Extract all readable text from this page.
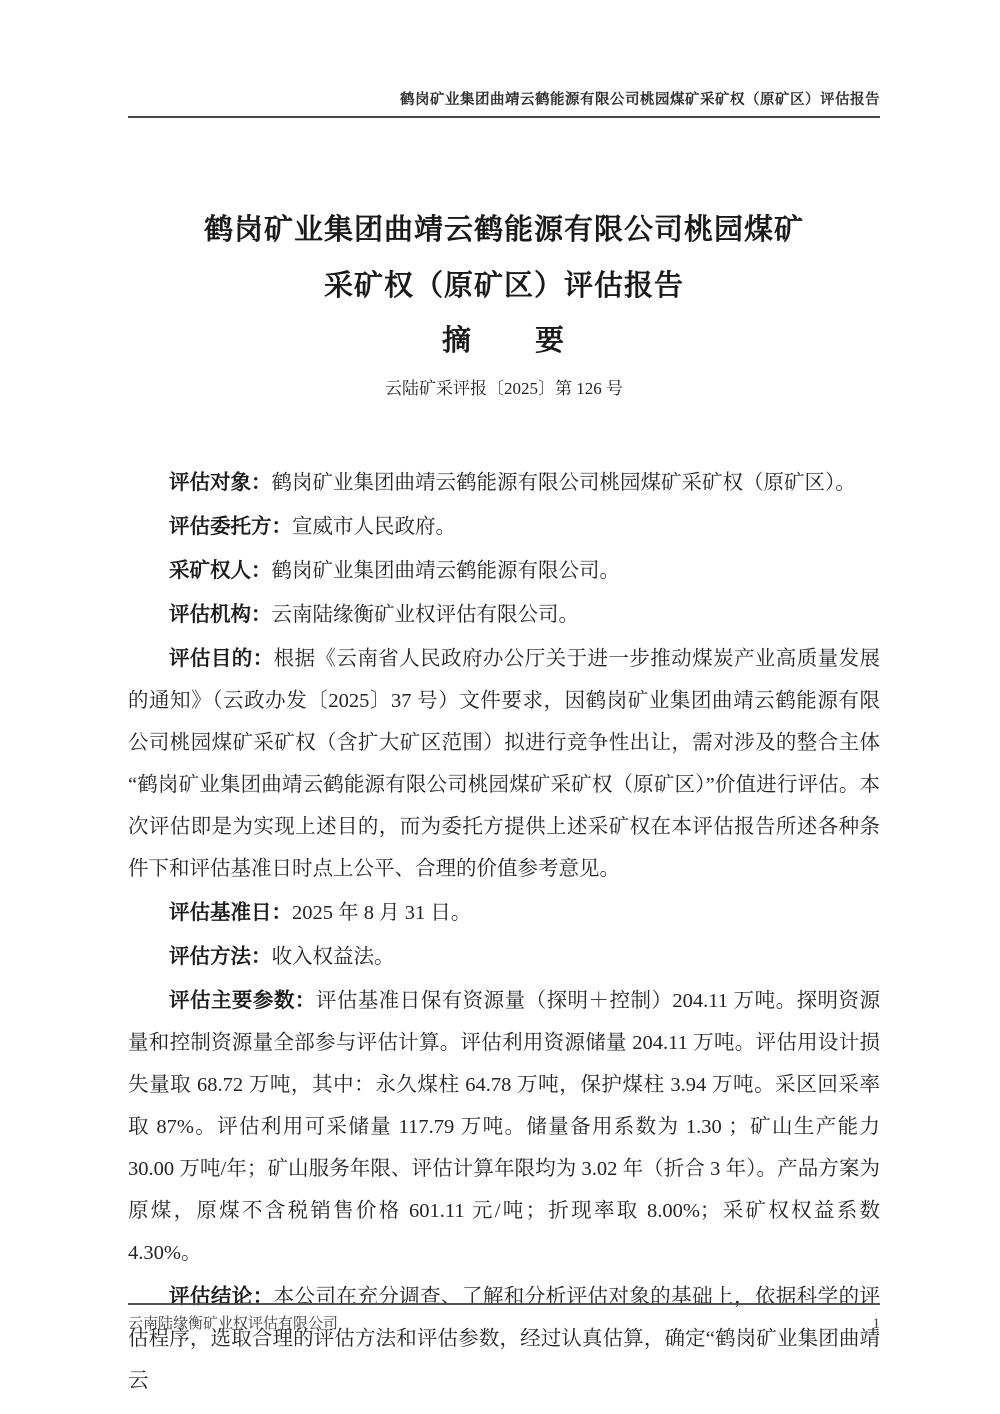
鹤岗矿业集团曲靖云鹤能源有限公司桃园煤矿采矿权（原矿区）评估报告
鹤岗矿业集团曲靖云鹤能源有限公司桃园煤矿
采矿权（原矿区）评估报告
摘　　要
云陆矿采评报〔2025〕第 126 号

评估对象：鹤岗矿业集团曲靖云鹤能源有限公司桃园煤矿采矿权（原矿区）。

评估委托方：宣威市人民政府。

采矿权人：鹤岗矿业集团曲靖云鹤能源有限公司。

评估机构：云南陆缘衡矿业权评估有限公司。

评估目的：根据《云南省人民政府办公厅关于进一步推动煤炭产业高质量发展的通知》（云政办发〔2025〕37 号）文件要求，因鹤岗矿业集团曲靖云鹤能源有限公司桃园煤矿采矿权（含扩大矿区范围）拟进行竞争性出让，需对涉及的整合主体“鹤岗矿业集团曲靖云鹤能源有限公司桃园煤矿采矿权（原矿区）”价值进行评估。本次评估即是为实现上述目的，而为委托方提供上述采矿权在本评估报告所述各种条件下和评估基准日时点上公平、合理的价值参考意见。

评估基准日：2025 年 8 月 31 日。

评估方法：收入权益法。

评估主要参数：评估基准日保有资源量（探明＋控制）204.11 万吨。探明资源量和控制资源量全部参与评估计算。评估利用资源储量 204.11 万吨。评估用设计损失量取 68.72 万吨，其中：永久煤柱 64.78 万吨，保护煤柱 3.94 万吨。采区回采率取 87%。评估利用可采储量 117.79 万吨。储量备用系数为 1.30 ；矿山生产能力 30.00 万吨/年；矿山服务年限、评估计算年限均为 3.02 年（折合 3 年）。产品方案为原煤，原煤不含税销售价格 601.11 元/吨；折现率取 8.00%；采矿权权益系数 4.30%。

评估结论：本公司在充分调查、了解和分析评估对象的基础上，依据科学的评估程序，选取合理的评估方法和评估参数，经过认真估算，确定“鹤岗矿业集团曲靖云

云南陆缘衡矿业权评估有限公司	1
